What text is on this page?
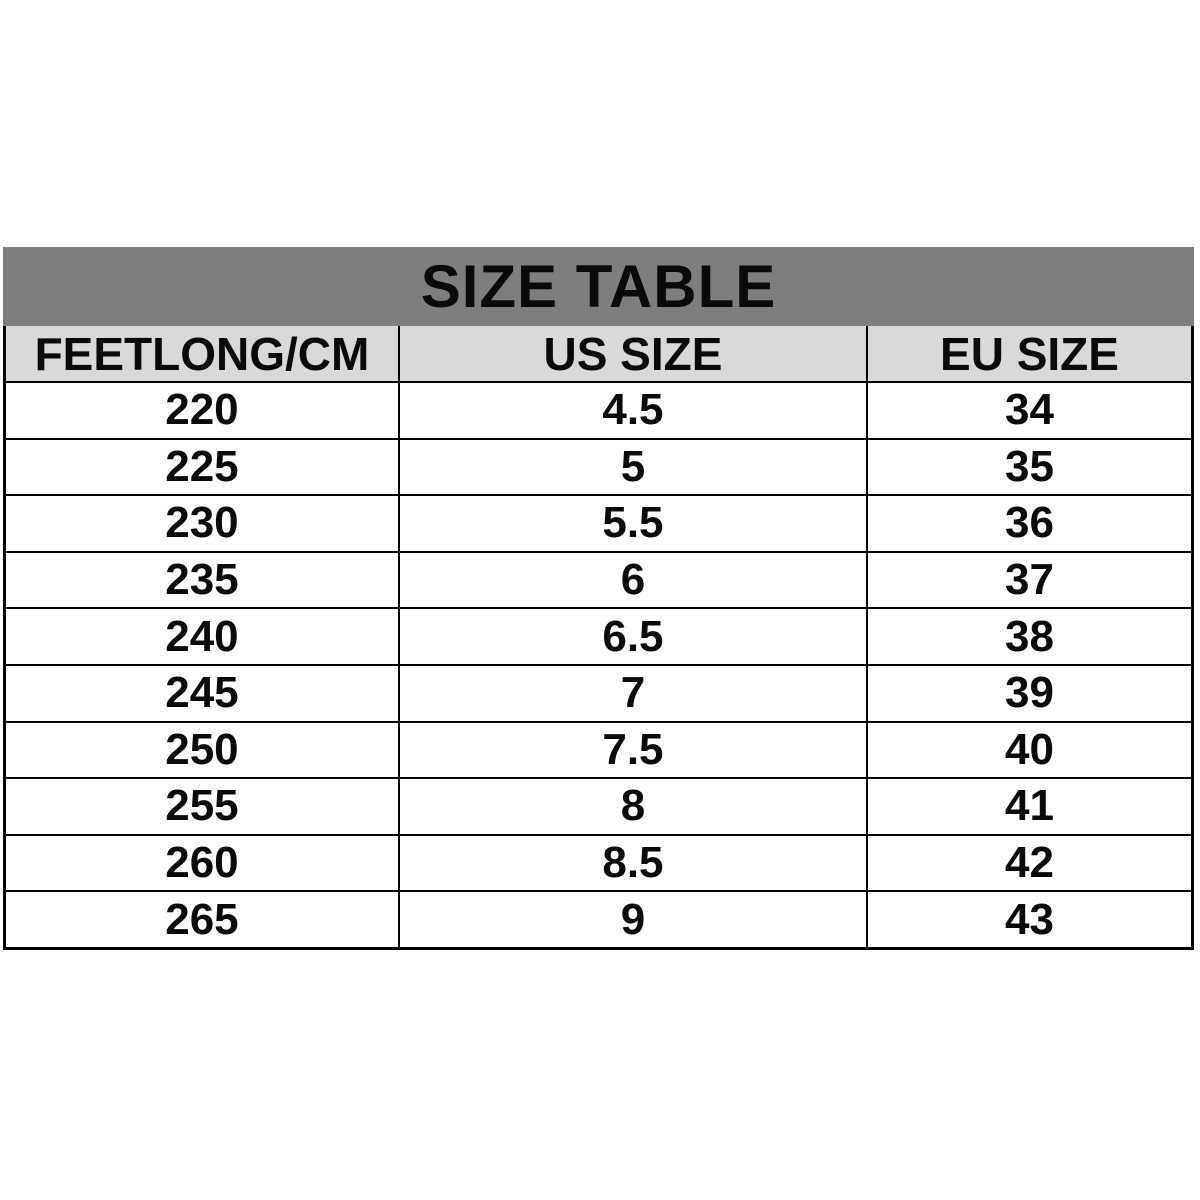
SIZE TABLE
FEETLONG/CM	US SIZE	EU SIZE
220	4.5	34
225	5	35
230	5.5	36
235	6	37
240	6.5	38
245	7	39
250	7.5	40
255	8	41
260	8.5	42
265	9	43
